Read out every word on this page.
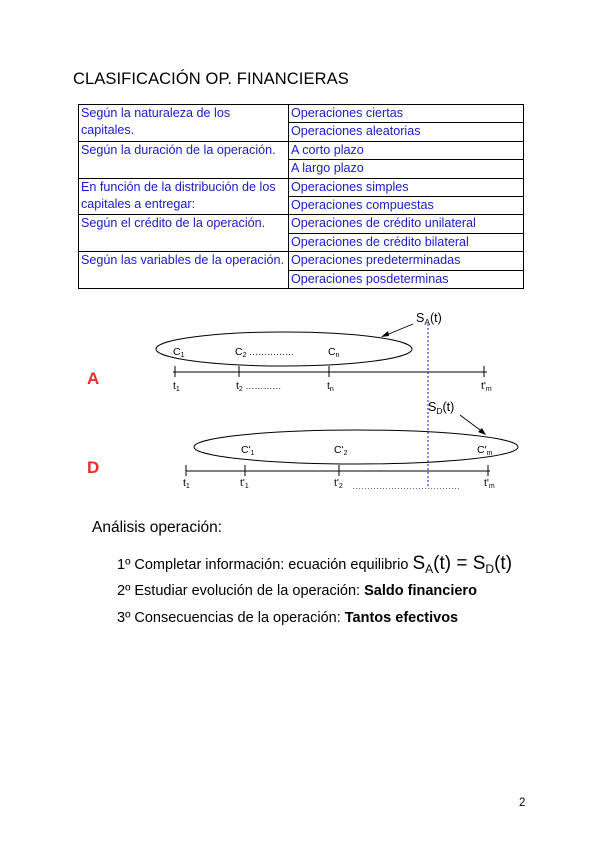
CLASIFICACIÓN OP. FINANCIERAS
Según la naturaleza de los capitales.	Operaciones ciertas
	Operaciones aleatorias
Según la duración de la operación.	A corto plazo
	A largo plazo
En función de la distribución de los capitales a entregar:	Operaciones simples
	Operaciones compuestas
Según el crédito de la operación.	Operaciones de crédito unilateral
	Operaciones de crédito bilateral
Según las variables de la operación.	Operaciones predeterminadas
	Operaciones posdeterminas
A
C1	C2 ……………	Cn
t1	t2 …………	tn	t'm
$S_A(t)$
$S_D(t)$
D
C'1	C'2	C'm
t1	t'1	t'2	t'm
………………………………
Análisis operación:
1º Completar información: ecuación equilibrio $S_A(t) = S_D(t)$
2º Estudiar evolución de la operación: Saldo financiero
3º Consecuencias de la operación: Tantos efectivos
2
